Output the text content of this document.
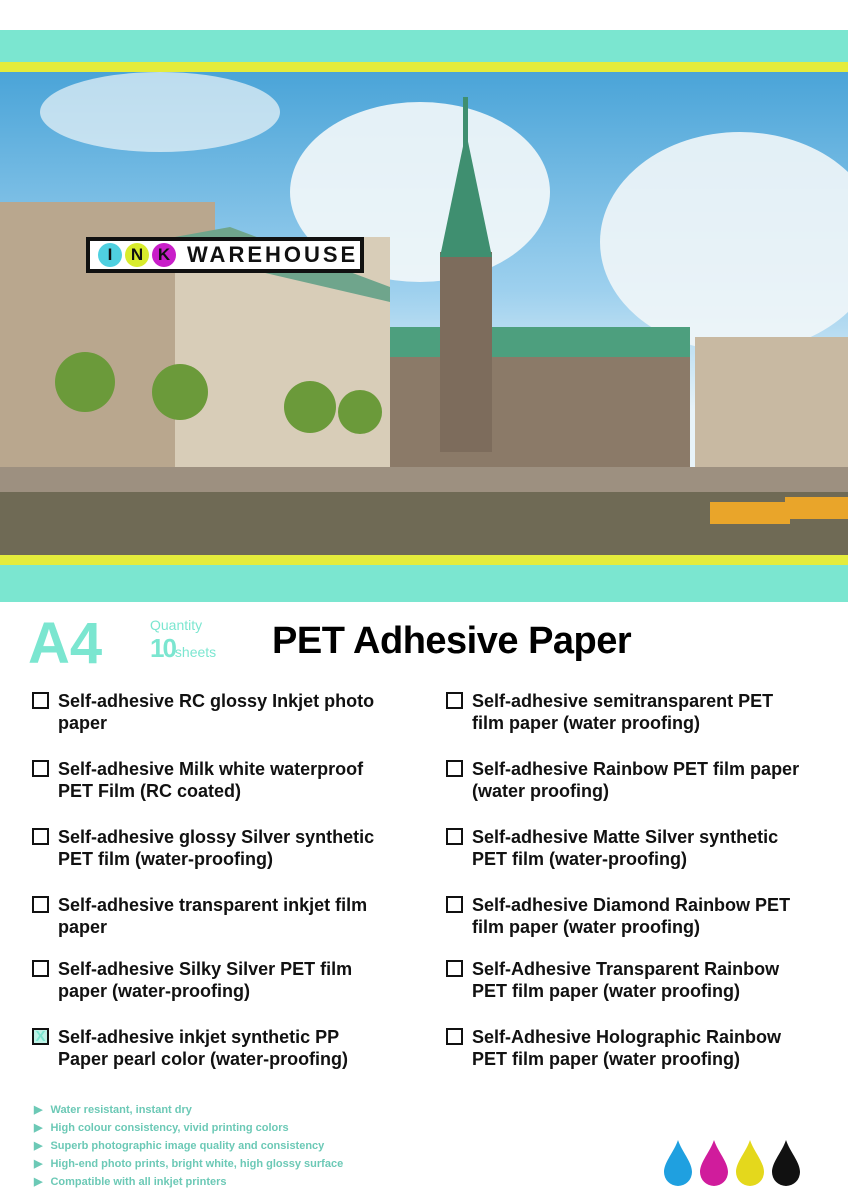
I	N K WAREHOUSE
A4	Quantity
10sheets PET Adhesive Paper
Self-adhesive RC glossy Inkjet photo paper
Self-adhesive Milk white waterproof PET Film (RC coated)
Self-adhesive glossy Silver synthetic PET film (water-proofing)
Self-adhesive transparent inkjet film paper
Self-adhesive Silky Silver PET film paper (water-proofing)
X Self-adhesive inkjet synthetic PP Paper pearl color (water-proofing)
Self-adhesive semitransparent PET film paper (water proofing)
Self-adhesive Rainbow PET film paper (water proofing)
Self-adhesive Matte Silver synthetic PET film (water-proofing)
Self-adhesive Diamond Rainbow PET film paper (water proofing)
Self-Adhesive Transparent Rainbow PET film paper (water proofing)
Self-Adhesive Holographic Rainbow PET film paper (water proofing)
▶ Water resistant, instant dry
▶ High colour consistency, vivid printing colors
▶ Superb photographic image quality and consistency
▶ High-end photo prints, bright white, high glossy surface
▶ Compatible with all inkjet printers
